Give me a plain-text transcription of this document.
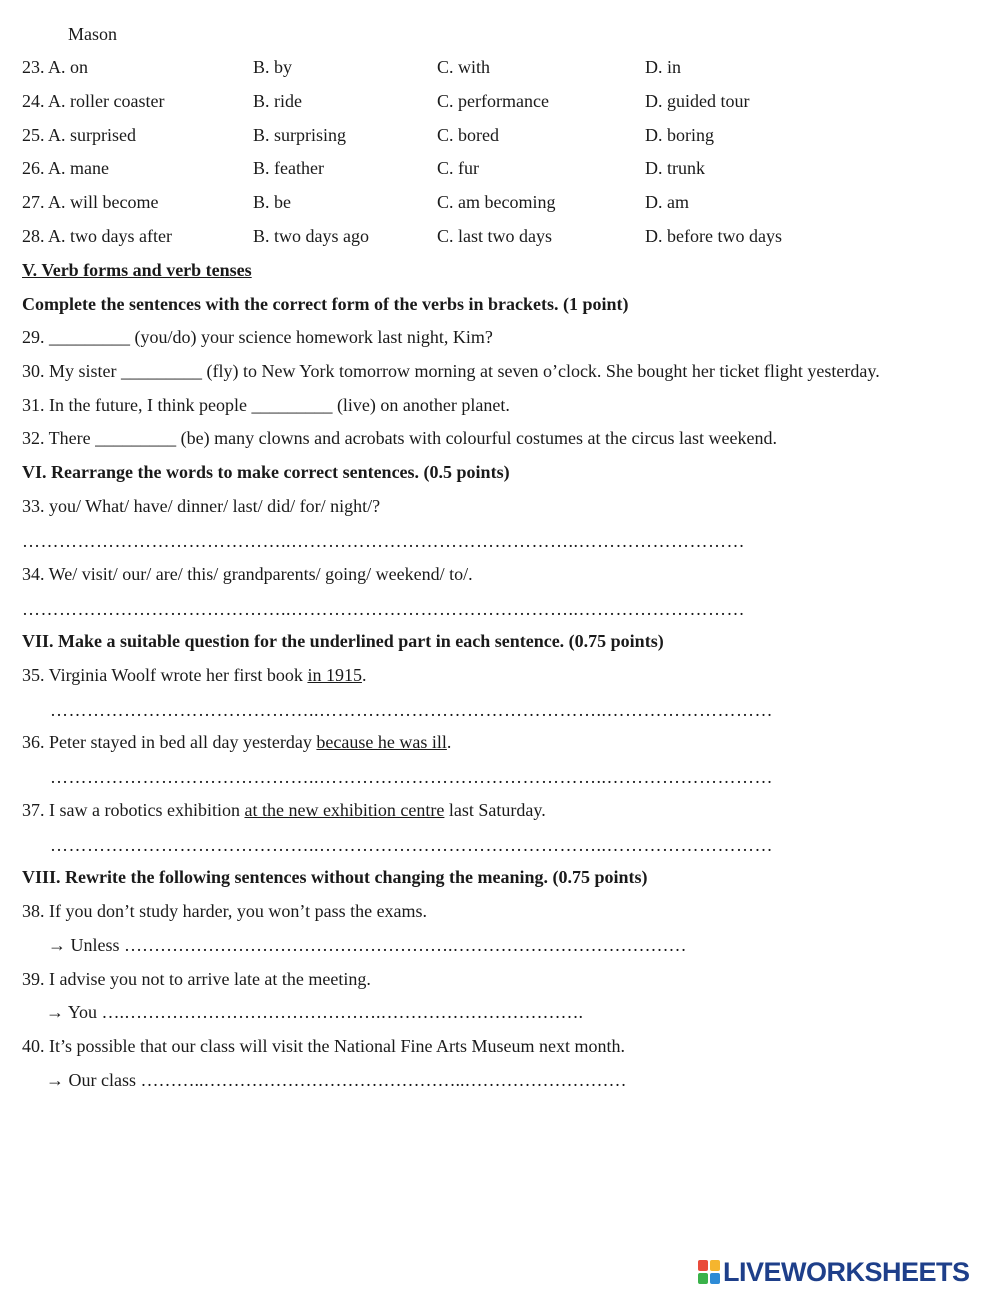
Mason
23. A. on	B. by	C. with	D. in
24. A. roller coaster	B. ride	C. performance	D. guided tour
25. A. surprised	B. surprising	C. bored	D. boring
26. A. mane	B. feather	C. fur	D. trunk
27. A. will become	B. be	C. am becoming	D. am
28. A. two days after	B. two days ago	C. last two days	D. before two days
V. Verb forms and verb tenses
Complete the sentences with the correct form of the verbs in brackets. (1 point)
29. _________ (you/do) your science homework last night, Kim?
30. My sister _________ (fly) to New York tomorrow morning at seven o’clock. She bought her ticket flight yesterday.
31. In the future, I think people _________ (live) on another planet.
32. There _________ (be) many clowns and acrobats with colourful costumes at the circus last weekend.
VI. Rearrange the words to make correct sentences. (0.5 points)
33. you/ What/ have/ dinner/ last/ did/ for/ night/?
……………………………………..………………………………………..………………………
34. We/ visit/ our/ are/ this/ grandparents/ going/ weekend/ to/.
……………………………………..………………………………………..………………………
VII. Make a suitable question for the underlined part in each sentence. (0.75 points)
35. Virginia Woolf wrote her first book in 1915.
……………………………………..………………………………………..………………………
36. Peter stayed in bed all day yesterday because he was ill.
……………………………………..………………………………………..………………………
37. I saw a robotics exhibition at the new exhibition centre last Saturday.
……………………………………..………………………………………..………………………
VIII. Rewrite the following sentences without changing the meaning. (0.75 points)
38. If you don’t study harder, you won’t pass the exams.
→ Unless ……………………………………………….…………………………………
39. I advise you not to arrive late at the meeting.
→ You ….…………………………………….…………………………….
40. It’s possible that our class will visit the National Fine Arts Museum next month.
→ Our class ………..……………………………………..………………………
LIVEWORKSHEETS
